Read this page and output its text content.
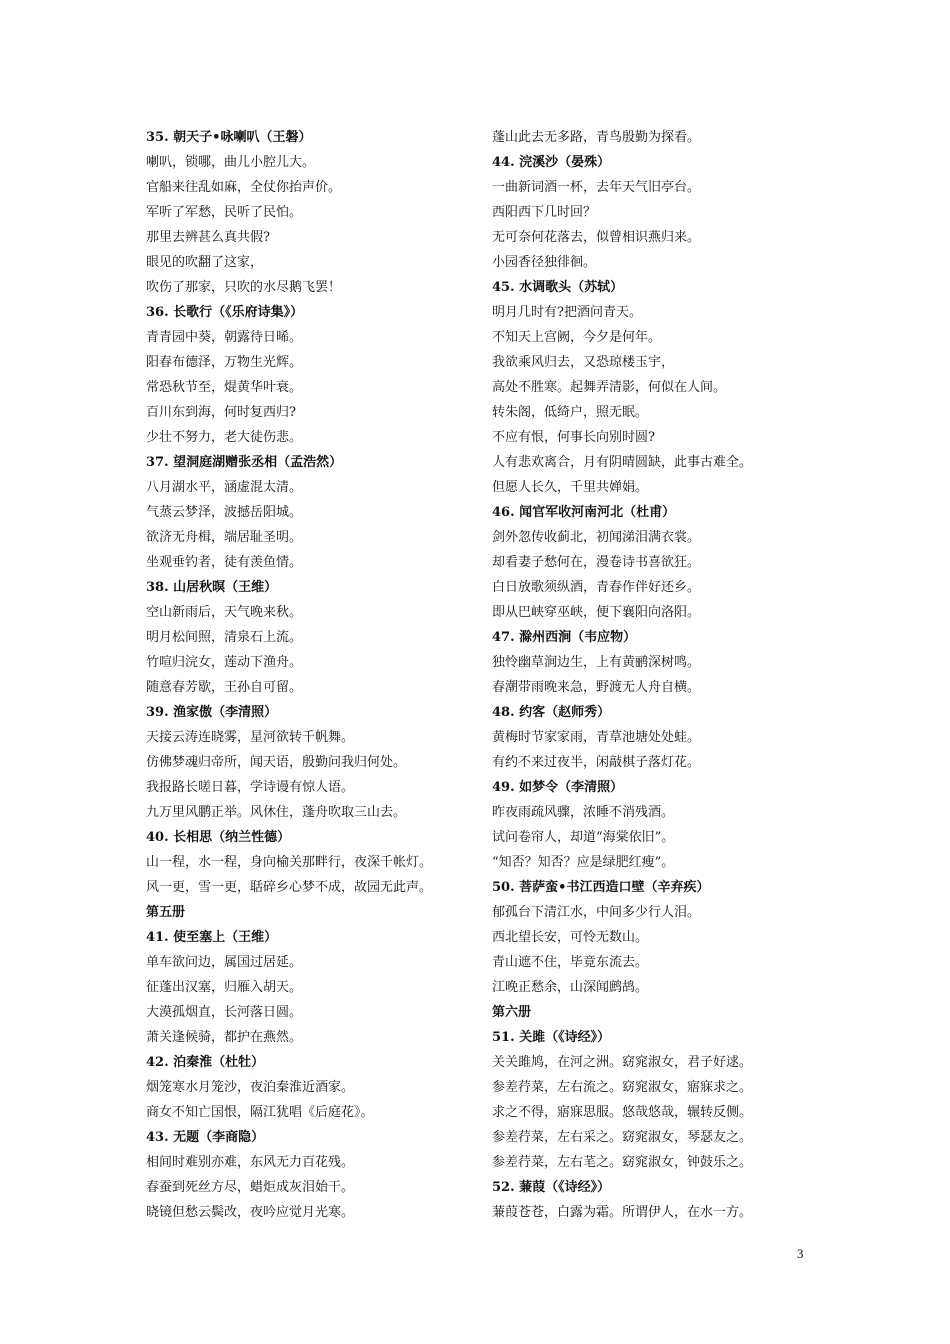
35. 朝天子•咏喇叭（王磐）
喇叭，锁哪，曲儿小腔儿大。
官船来往乱如麻，全仗你抬声价。
军听了军愁，民听了民怕。
那里去辨甚么真共假?
眼见的吹翻了这家，
吹伤了那家，只吹的水尽鹅飞罢！
36. 长歌行（《乐府诗集》）
青青园中葵，朝露待日晞。
阳春布德泽，万物生光辉。
常恐秋节至，焜黄华叶衰。
百川东到海，何时复西归?
少壮不努力，老大徒伤悲。
37. 望洞庭湖赠张丞相（孟浩然）
八月湖水平，涵虚混太清。
气蒸云梦泽，波撼岳阳城。
欲济无舟楫，端居耻圣明。
坐观垂钓者，徒有羡鱼情。
38. 山居秋暝（王维）
空山新雨后，天气晚来秋。
明月松间照，清泉石上流。
竹喧归浣女，莲动下渔舟。
随意春芳歇，王孙自可留。
39. 渔家傲（李清照）
天接云涛连晓雾，星河欲转千帆舞。
仿佛梦魂归帝所，闻天语，殷勤问我归何处。
我报路长嗟日暮，学诗谩有惊人语。
九万里风鹏正举。风休住，蓬舟吹取三山去。
40. 长相思（纳兰性德）
山一程，水一程，身向榆关那畔行，夜深千帐灯。
风一更，雪一更，聒碎乡心梦不成，故园无此声。
第五册
41. 使至塞上（王维）
单车欲问边，属国过居延。
征蓬出汉塞，归雁入胡天。
大漠孤烟直，长河落日圆。
萧关逢候骑，都护在燕然。
42. 泊秦淮（杜牡）
烟笼寒水月笼沙，夜泊秦淮近酒家。
商女不知亡国恨，隔江犹唱《后庭花》。
43. 无题（李商隐）
相间时难别亦难，东风无力百花残。
春蚕到死丝方尽，蜡炬成灰泪始干。
晓镜但愁云鬓改，夜吟应觉月光寒。
蓬山此去无多路，青鸟殷勤为探看。
44. 浣溪沙（晏殊）
一曲新词酒一杯，去年天气旧亭台。
西阳西下几时回？
无可奈何花落去，似曾相识燕归来。
小园香径独徘徊。
45. 水调歌头（苏轼）
明月几时有?把酒问青天。
不知天上宫阙，今夕是何年。
我欲乘风归去，又恐琼楼玉宇，
高处不胜寒。起舞弄清影，何似在人间。
转朱阁，低绮户，照无眠。
不应有恨，何事长向别时圆?
人有悲欢离合，月有阴晴圆缺，此事古难全。
但愿人长久，千里共婵娟。
46. 闻官军收河南河北（杜甫）
剑外忽传收蓟北，初闻涕泪满衣裳。
却看妻子愁何在，漫卷诗书喜欲狂。
白日放歌须纵酒，青春作伴好还乡。
即从巴峡穿巫峡，便下襄阳向洛阳。
47. 滁州西涧（韦应物）
独怜幽草涧边生，上有黄鹂深树鸣。
春潮带雨晚来急，野渡无人舟自横。
48. 约客（赵师秀）
黄梅时节家家雨，青草池塘处处蛙。
有约不来过夜半，闲敲棋子落灯花。
49. 如梦令（李清照）
昨夜雨疏风骤，浓睡不消残酒。
试问卷帘人，却道“海棠依旧”。
“知否？知否？应是绿肥红瘦”。
50. 菩萨蛮•书江西造口壁（辛弃疾）
郁孤台下清江水，中间多少行人泪。
西北望长安，可怜无数山。
青山遮不住，毕竟东流去。
江晚正愁余，山深闻鹧鸪。
第六册
51. 关雎（《诗经》）
关关雎鸠，在河之洲。窈窕淑女，君子好逑。
参差荇菜，左右流之。窈窕淑女，寤寐求之。
求之不得，寤寐思服。悠哉悠哉，辗转反侧。
参差荇菜，左右采之。窈窕淑女，琴瑟友之。
参差荇菜，左右芼之。窈窕淑女，钟鼓乐之。
52. 蒹葭（《诗经》）
蒹葭苍苍，白露为霜。所谓伊人，在水一方。
3
